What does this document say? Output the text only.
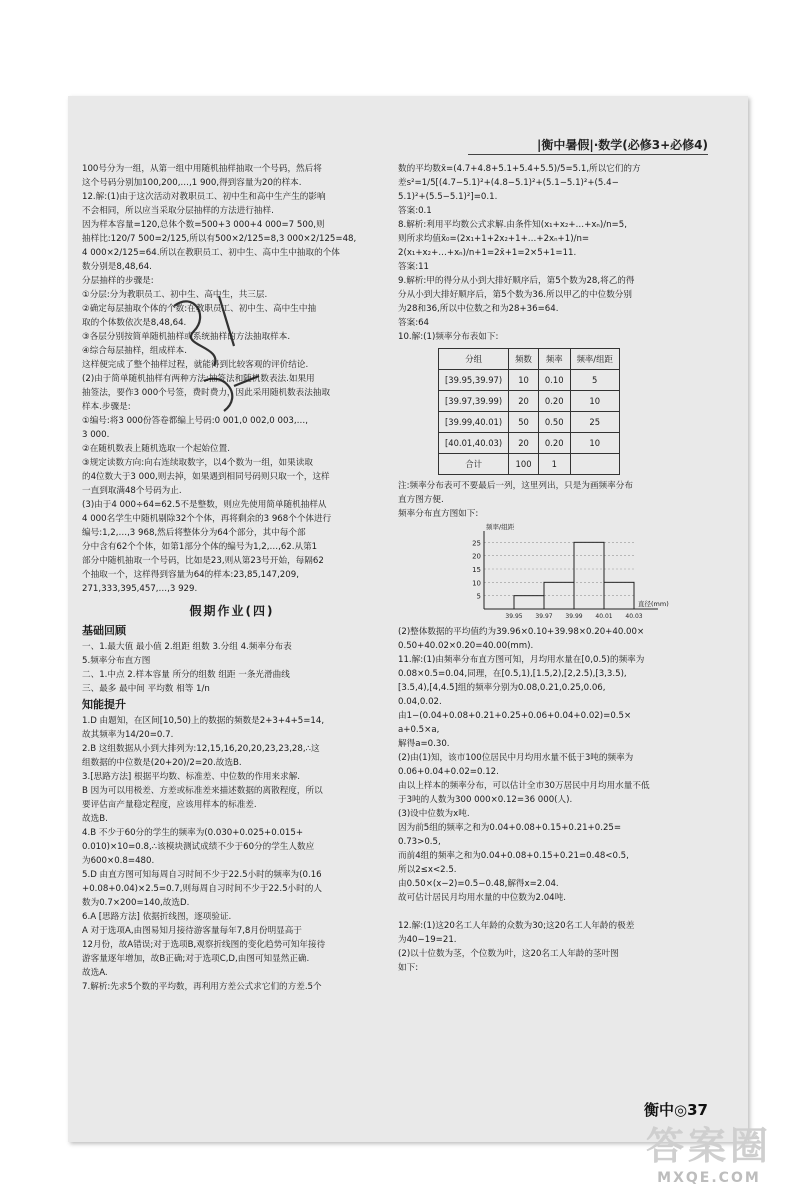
|衡中暑假|·数学(必修3+必修4)
100号分为一组，从第一组中用随机抽样抽取一个号码，然后将
这个号码分别加100,200,…,1 900,得到容量为20的样本.
12.解:(1)由于这次活动对教职员工、初中生和高中生产生的影响
不会相同，所以应当采取分层抽样的方法进行抽样.
因为样本容量=120,总体个数=500+3 000+4 000=7 500,则
抽样比:120/7 500=2/125,所以有500×2/125=8,3 000×2/125=48,
4 000×2/125=64.所以在教职员工、初中生、高中生中抽取的个体
数分别是8,48,64.
分层抽样的步骤是:
①分层:分为教职员工、初中生、高中生，共三层.
②确定每层抽取个体的个数:在教职员工、初中生、高中生中抽
取的个体数依次是8,48,64.
③各层分别按简单随机抽样或系统抽样的方法抽取样本.
④综合每层抽样，组成样本.
这样便完成了整个抽样过程，就能得到比较客观的评价结论.
(2)由于简单随机抽样有两种方法:抽签法和随机数表法.如果用
抽签法，要作3 000个号签，费时费力，因此采用随机数表法抽取
样本.步骤是:
①编号:将3 000份答卷都编上号码:0 001,0 002,0 003,…,
3 000.
②在随机数表上随机选取一个起始位置.
③规定读数方向:向右连续取数字，以4个数为一组，如果读取
的4位数大于3 000,则去掉，如果遇到相同号码则只取一个，这样
一直到取满48个号码为止.
(3)由于4 000÷64=62.5不是整数，则应先使用简单随机抽样从
4 000名学生中随机剔除32个个体，再将剩余的3 968个个体进行
编号:1,2,…,3 968,然后将整体分为64个部分，其中每个部
分中含有62个个体，如第1部分个体的编号为1,2,…,62.从第1
部分中随机抽取一个号码，比如是23,则从第23号开始，每隔62
个抽取一个，这样得到容量为64的样本:23,85,147,209,
271,333,395,457,…,3 929.
假期作业(四)
基础回顾
一、1.最大值 最小值 2.组距 组数 3.分组 4.频率分布表
5.频率分布直方图
二、1.中点 2.样本容量 所分的组数 组距 一条光滑曲线
三、最多 最中间 平均数 相等 1/n
知能提升
1.D 由题知，在区间[10,50)上的数据的频数是2+3+4+5=14,
故其频率为14/20=0.7.
2.B 这组数据从小到大排列为:12,15,16,20,20,23,23,28,∴这
组数据的中位数是(20+20)/2=20.故选B.
3.[思路方法] 根据平均数、标准差、中位数的作用来求解.
B 因为可以用极差、方差或标准差来描述数据的离散程度，所以
要评估亩产量稳定程度，应该用样本的标准差.
故选B.
4.B 不少于60分的学生的频率为(0.030+0.025+0.015+
0.010)×10=0.8,∴该模块测试成绩不少于60分的学生人数应
为600×0.8=480.
5.D 由直方图可知每周自习时间不少于22.5小时的频率为(0.16
+0.08+0.04)×2.5=0.7,则每周自习时间不少于22.5小时的人
数为0.7×200=140,故选D.
6.A [思路方法] 依据折线图，逐项验证.
A 对于选项A,由图易知月接待游客量每年7,8月份明显高于
12月份，故A错误;对于选项B,观察折线图的变化趋势可知年接待
游客量逐年增加，故B正确;对于选项C,D,由图可知显然正确.
故选A.
7.解析:先求5个数的平均数，再利用方差公式求它们的方差.5个
数的平均数x̄=(4.7+4.8+5.1+5.4+5.5)/5=5.1,所以它们的方
差s²=1/5[(4.7−5.1)²+(4.8−5.1)²+(5.1−5.1)²+(5.4−
5.1)²+(5.5−5.1)²]=0.1.
答案:0.1
8.解析:利用平均数公式求解.由条件知(x₁+x₂+…+xₙ)/n=5,
则所求均值x̄₀=(2x₁+1+2x₂+1+…+2xₙ+1)/n=
2(x₁+x₂+…+xₙ)/n+1=2x̄+1=2×5+1=11.
答案:11
9.解析:甲的得分从小到大排好顺序后，第5个数为28,将乙的得
分从小到大排好顺序后，第5个数为36.所以甲乙的中位数分别
为28和36,所以中位数之和为28+36=64.
答案:64
10.解:(1)频率分布表如下:
分组	频数	频率	频率/组距
[39.95,39.97)	10	0.10	5
[39.97,39.99)	20	0.20	10
[39.99,40.01)	50	0.50	25
[40.01,40.03)	20	0.20	10
合计	100	1	
注:频率分布表可不要最后一列，这里列出，只是为画频率分布
直方图方便.
频率分布直方图如下:
5
10
15
20
25
频率/组距
直径(mm)
39.95 39.97 39.99 40.01 40.03
(2)整体数据的平均值约为39.96×0.10+39.98×0.20+40.00×
0.50+40.02×0.20=40.00(mm).
11.解:(1)由频率分布直方图可知，月均用水量在[0,0.5)的频率为
0.08×0.5=0.04,同理，在[0.5,1),[1.5,2),[2,2.5),[3,3.5),
[3.5,4),[4,4.5]组的频率分别为0.08,0.21,0.25,0.06,
0.04,0.02.
由1−(0.04+0.08+0.21+0.25+0.06+0.04+0.02)=0.5×
a+0.5×a,
解得a=0.30.
(2)由(1)知，该市100位居民中月均用水量不低于3吨的频率为
0.06+0.04+0.02=0.12.
由以上样本的频率分布，可以估计全市30万居民中月均用水量不低
于3吨的人数为300 000×0.12=36 000(人).
(3)设中位数为x吨.
因为前5组的频率之和为0.04+0.08+0.15+0.21+0.25=
0.73>0.5,
而前4组的频率之和为0.04+0.08+0.15+0.21=0.48<0.5,
所以2≤x<2.5.
由0.50×(x−2)=0.5−0.48,解得x=2.04.
故可估计居民月均用水量的中位数为2.04吨.

12.解:(1)这20名工人年龄的众数为30;这20名工人年龄的极差
为40−19=21.
(2)以十位数为茎，个位数为叶，这20名工人年龄的茎叶图
如下:
衡中◎37
答案圈
MXQE.COM
